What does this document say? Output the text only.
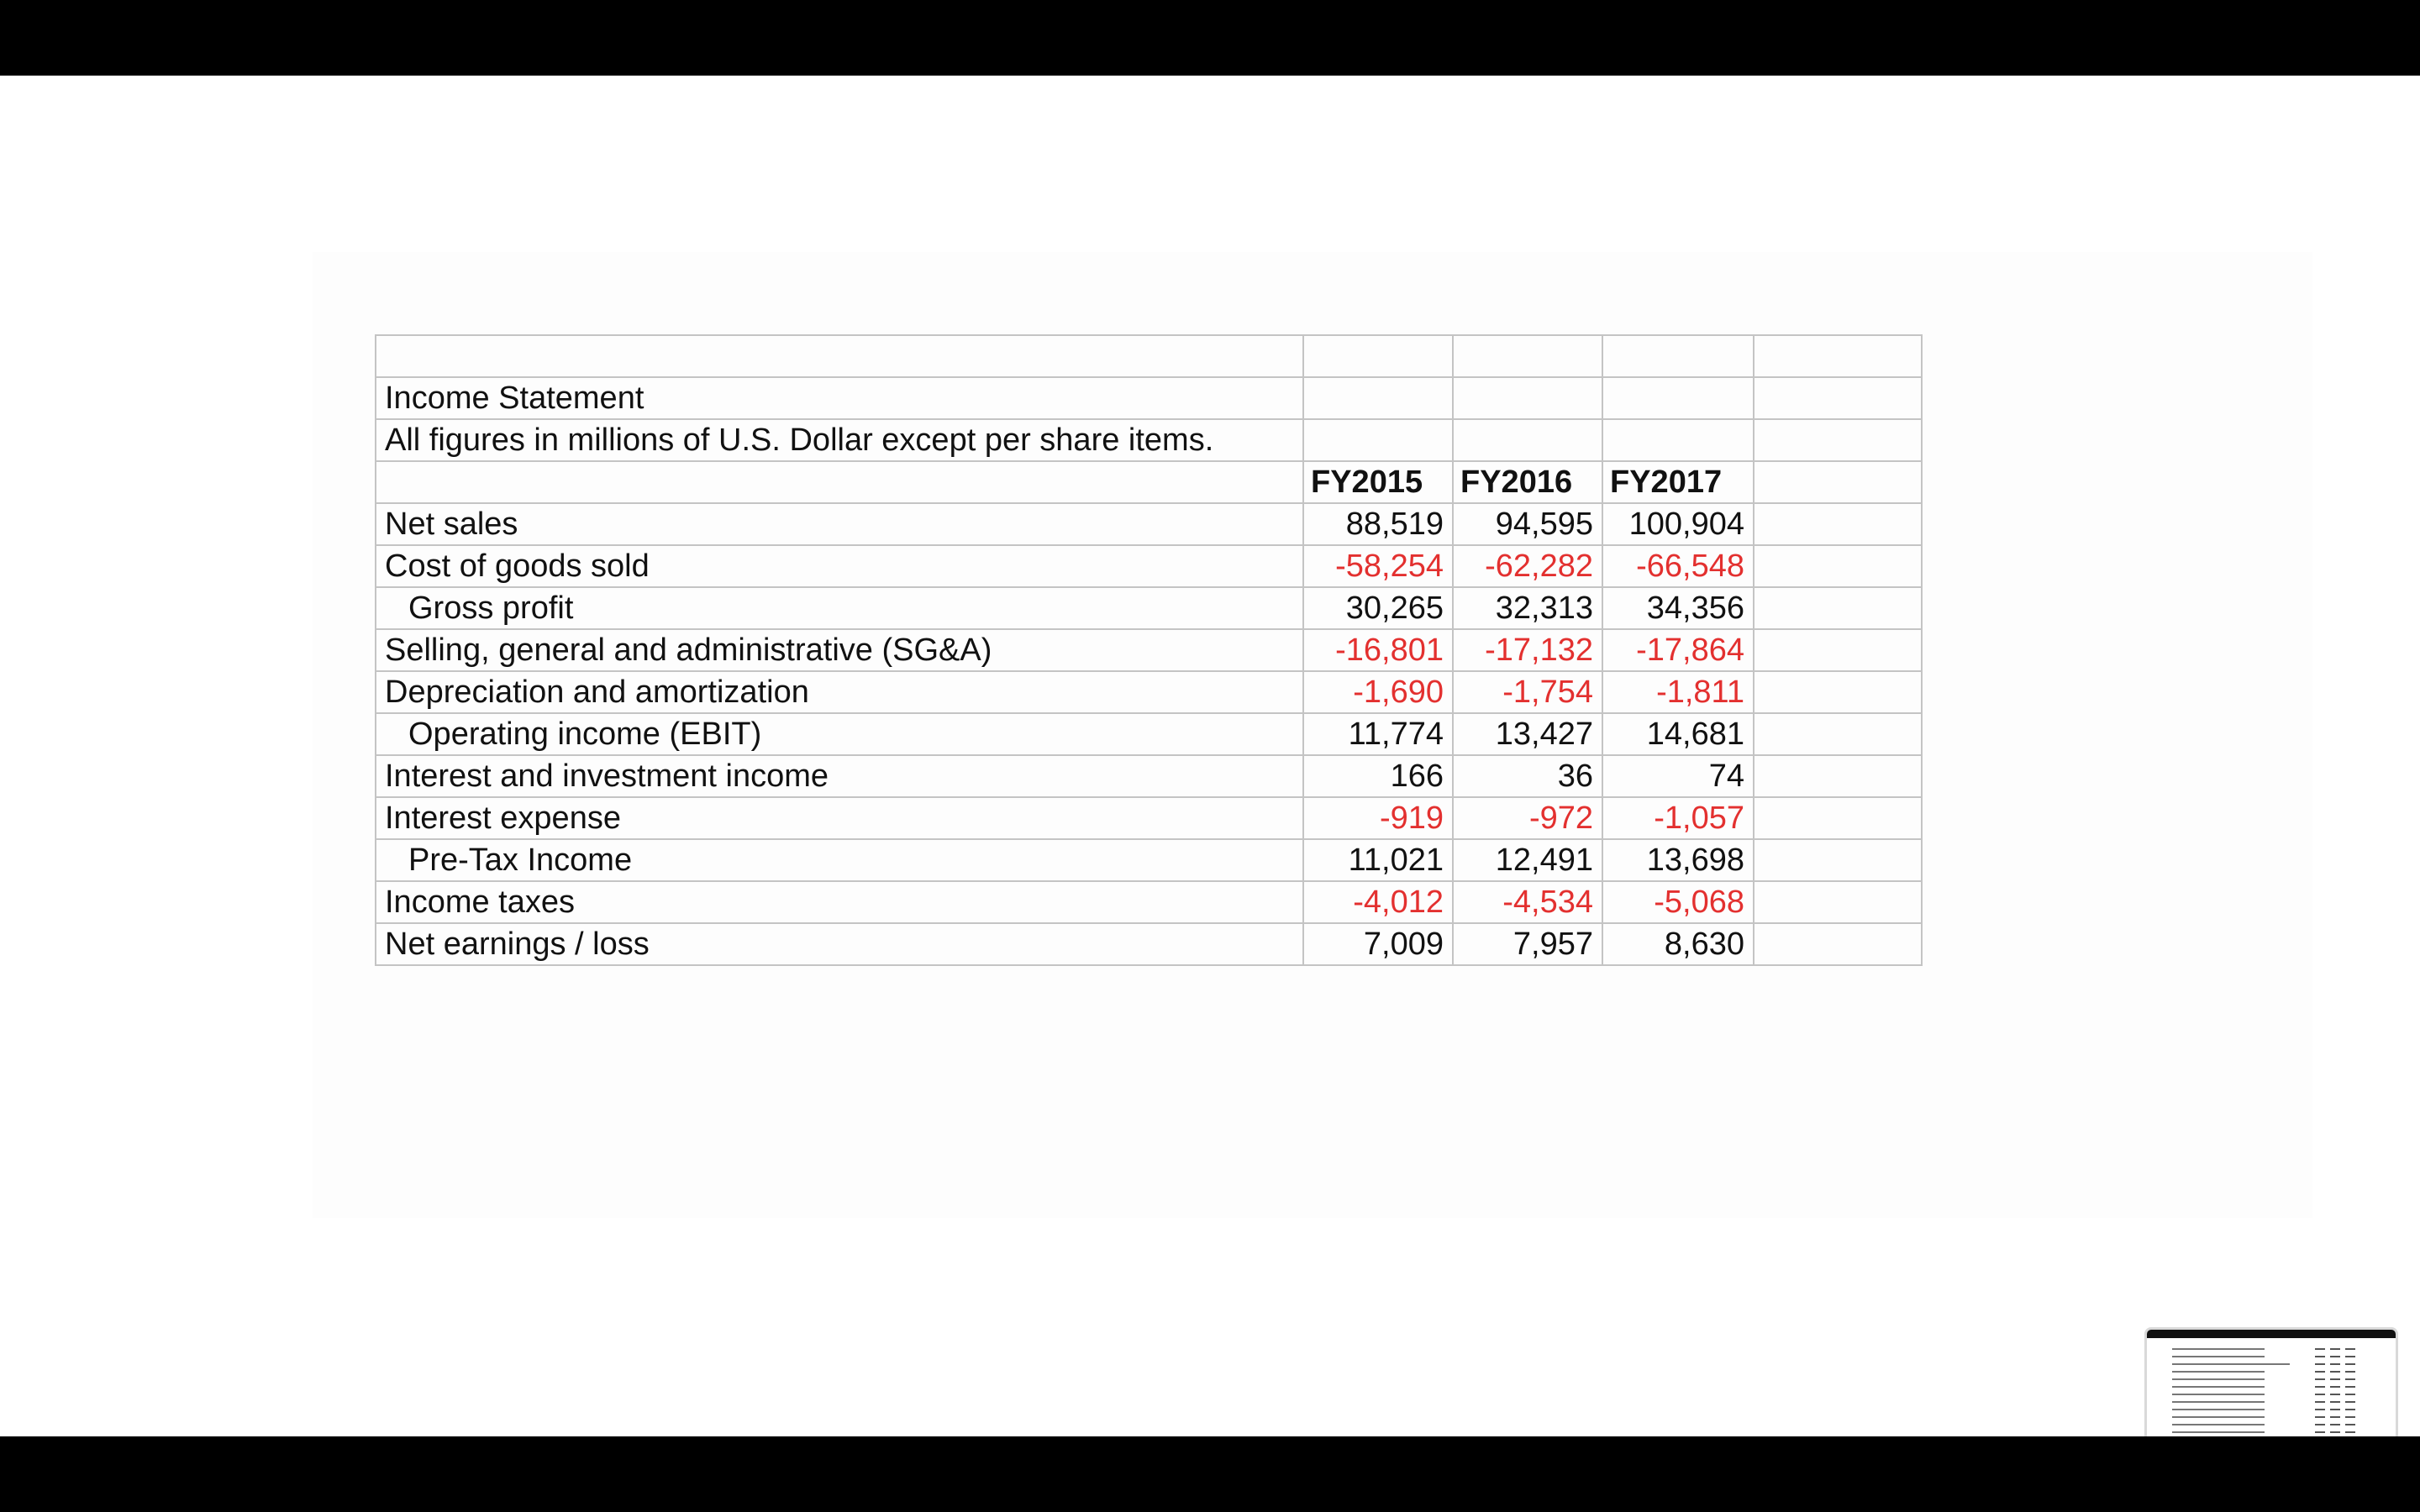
Income Statement				
All figures in millions of U.S. Dollar except per share items.				
	FY2015	FY2016	FY2017	
Net sales	88,519	94,595	100,904	
Cost of goods sold	-58,254	-62,282	-66,548	
Gross profit	30,265	32,313	34,356	
Selling, general and administrative (SG&A)	-16,801	-17,132	-17,864	
Depreciation and amortization	-1,690	-1,754	-1,811	
Operating income (EBIT)	11,774	13,427	14,681	
Interest and investment income	166	36	74	
Interest expense	-919	-972	-1,057	
Pre-Tax Income	11,021	12,491	13,698	
Income taxes	-4,012	-4,534	-5,068	
Net earnings / loss	7,009	7,957	8,630	
